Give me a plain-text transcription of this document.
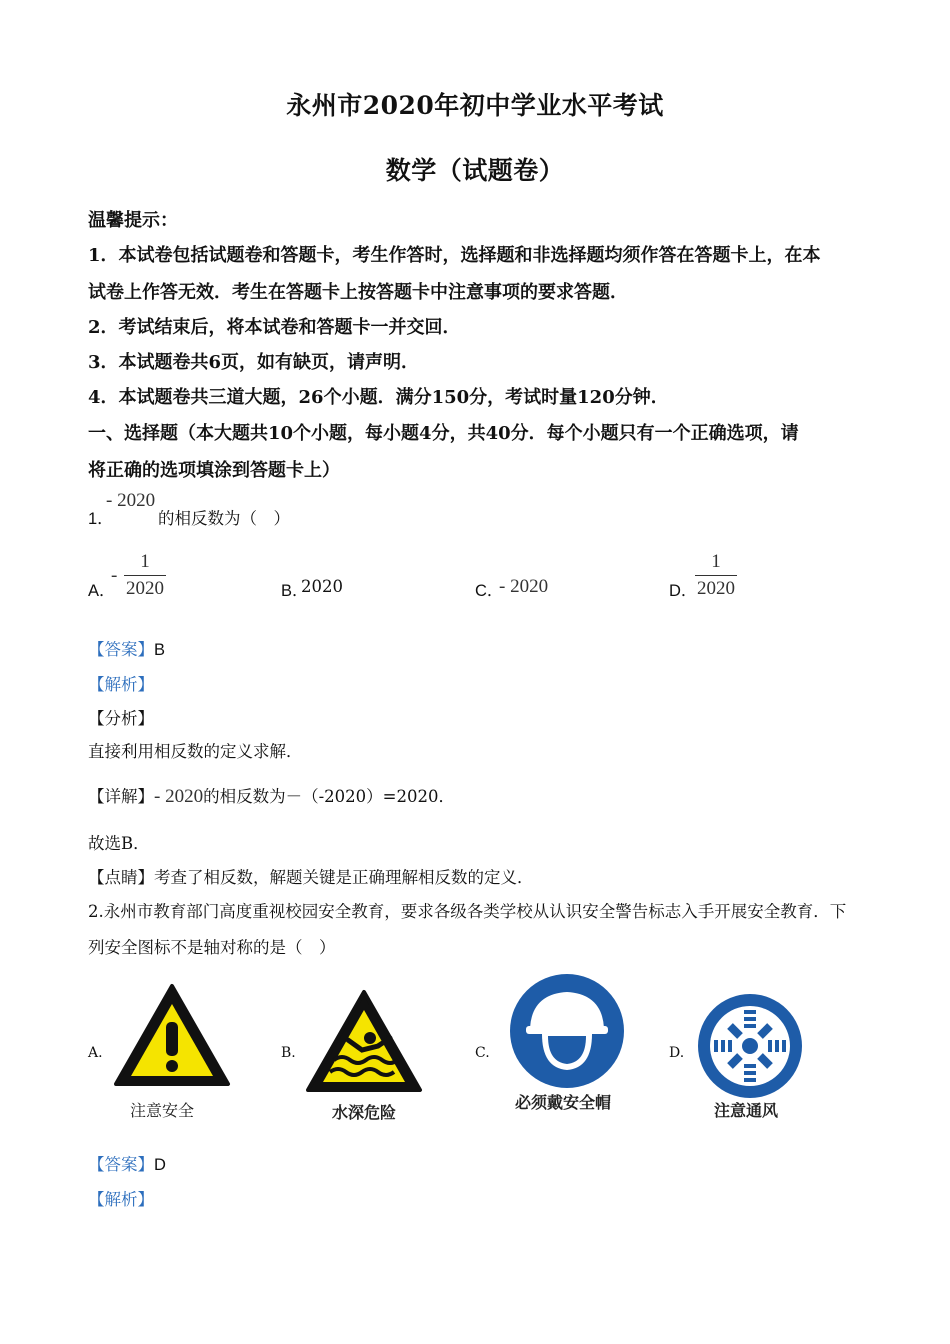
永州市2020年初中学业水平考试
数学（试题卷）
温馨提示：
1．本试卷包括试题卷和答题卡，考生作答时，选择题和非选择题均须作答在答题卡上，在本
试卷上作答无效．考生在答题卡上按答题卡中注意事项的要求答题．
2．考试结束后，将本试卷和答题卡一并交回．
3．本试题卷共6页，如有缺页，请声明．
4．本试题卷共三道大题，26个小题．满分150分，考试时量120分钟．
一、选择题（本大题共10个小题，每小题4分，共40分．每个小题只有一个正确选项，请
将正确的选项填涂到答题卡上）
1．
- 2020
的相反数为（　）
A．
-
1
2020	B．
2020	C．
- 2020	D．
1
2020
【答案】B
【解析】
【分析】
直接利用相反数的定义求解．
【详解】- 2020的相反数为－（-2020）=2020．
故选B．
【点睛】考查了相反数，解题关键是正确理解相反数的定义．
2.永州市教育部门高度重视校园安全教育，要求各级各类学校从认识安全警告标志入手开展安全教育．下
列安全图标不是轴对称的是（　）
A.
注意安全
B.
水深危险
C.
必须戴安全帽
D.
注意通风
【答案】D
【解析】
